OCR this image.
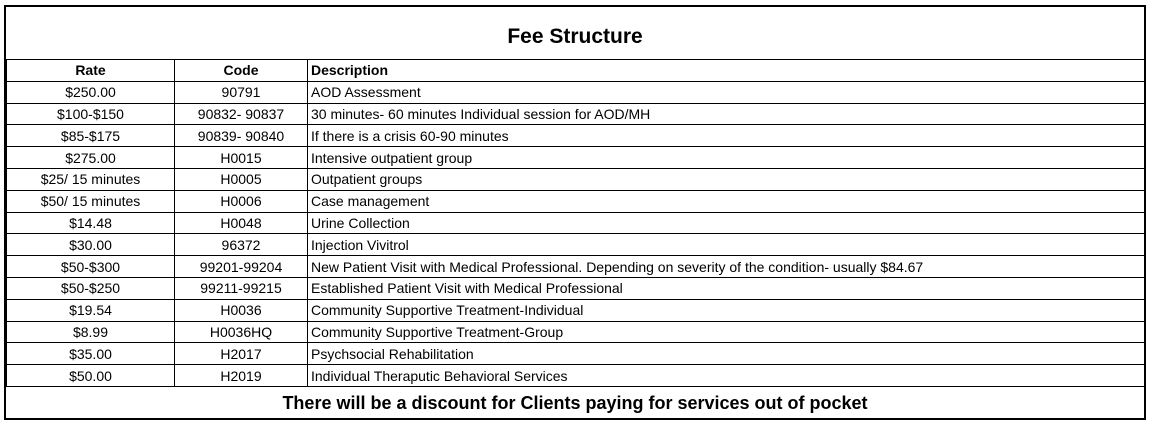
Fee Structure
Rate	Code	Description
$250.00	90791	AOD Assessment
$100-$150	90832- 90837	30 minutes- 60 minutes Individual session for AOD/MH
$85-$175	90839- 90840	If there is a crisis 60-90 minutes
$275.00	H0015	Intensive outpatient group
$25/ 15 minutes	H0005	Outpatient groups
$50/ 15 minutes	H0006	Case management
$14.48	H0048	Urine Collection
$30.00	96372	Injection Vivitrol
$50-$300	99201-99204	New Patient Visit with Medical Professional. Depending on severity of the condition- usually $84.67
$50-$250	99211-99215	Established Patient Visit with Medical Professional
$19.54	H0036	Community Supportive Treatment-Individual
$8.99	H0036HQ	Community Supportive Treatment-Group
$35.00	H2017	Psychsocial Rehabilitation
$50.00	H2019	Individual Theraputic Behavioral Services
There will be a discount for Clients paying for services out of pocket
